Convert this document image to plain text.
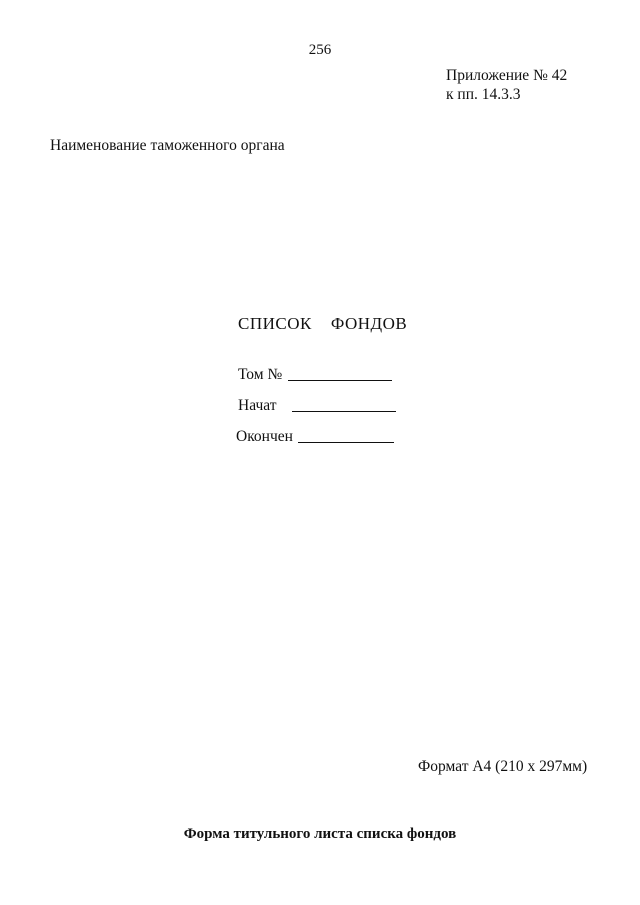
256
Приложение № 42
к пп. 14.3.3
Наименование таможенного органа
СПИСОК ФОНДОВ
Том №
Начат
Окончен
Формат А4 (210 х 297мм)
Форма титульного листа списка фондов
